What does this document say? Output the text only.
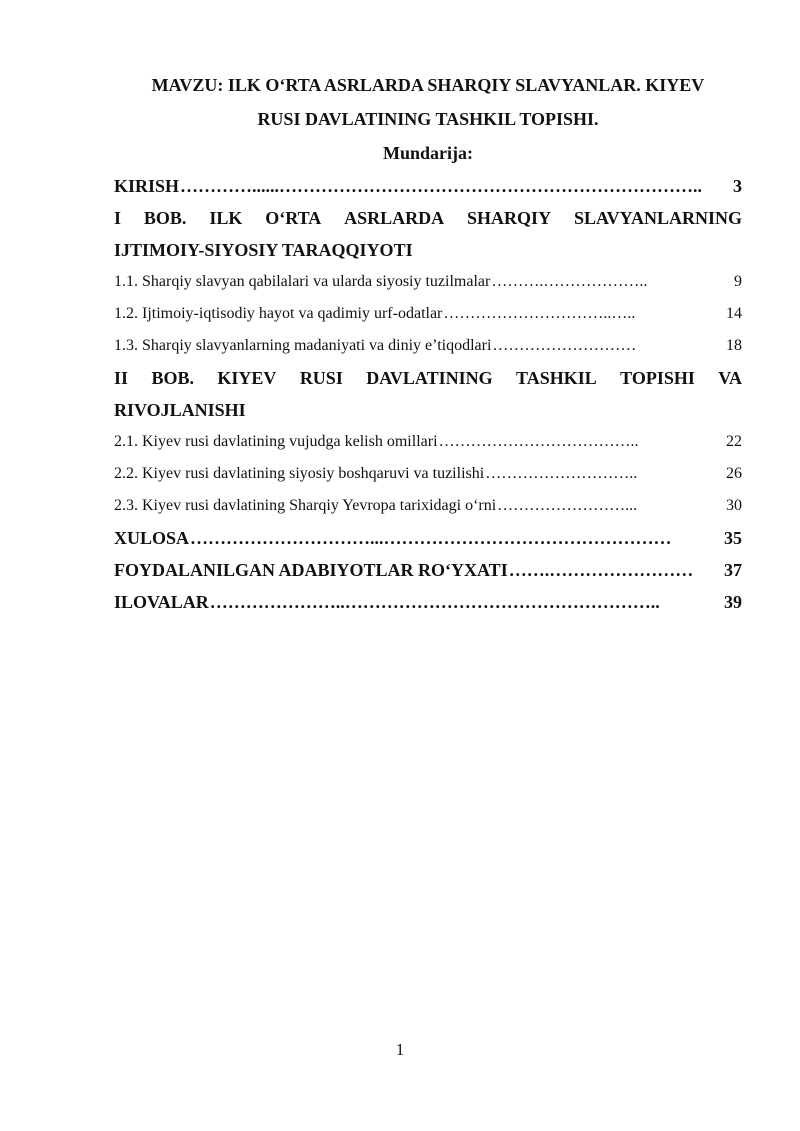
MAVZU: ILK O‘RTA ASRLARDA SHARQIY SLAVYANLAR. KIYEV

RUSI DAVLATINING TASHKIL TOPISHI.

Mundarija:

KIRISH …………......……………………………………………………………..	3
I BOB. ILK O‘RTA ASRLARDA SHARQIY SLAVYANLARNING
IJTIMOIY-SIYOSIY TARAQQIYOTI
1.1. Sharqiy slavyan qabilalari va ularda siyosiy tuzilmalar ……….………………..	9
1.2. Ijtimoiy-iqtisodiy hayot va qadimiy urf-odatlar …………………………..…..	14
1.3. Sharqiy slavyanlarning madaniyati va diniy e’tiqodlari ………………………	18
II BOB. KIYEV RUSI DAVLATINING TASHKIL TOPISHI VA
RIVOJLANISHI
2.1. Kiyev rusi davlatining vujudga kelish omillari ………………………………..	22
2.2. Kiyev rusi davlatining siyosiy boshqaruvi va tuzilishi ………………………..	26
2.3. Kiyev rusi davlatining Sharqiy Yevropa tarixidagi o‘rni ……………………...	30
XULOSA …………………………...…………………………………………	35
FOYDALANILGAN ADABIYOTLAR RO‘YXATI …….……………………	37
ILOVALAR …………………..……………………………………………..	39
1
